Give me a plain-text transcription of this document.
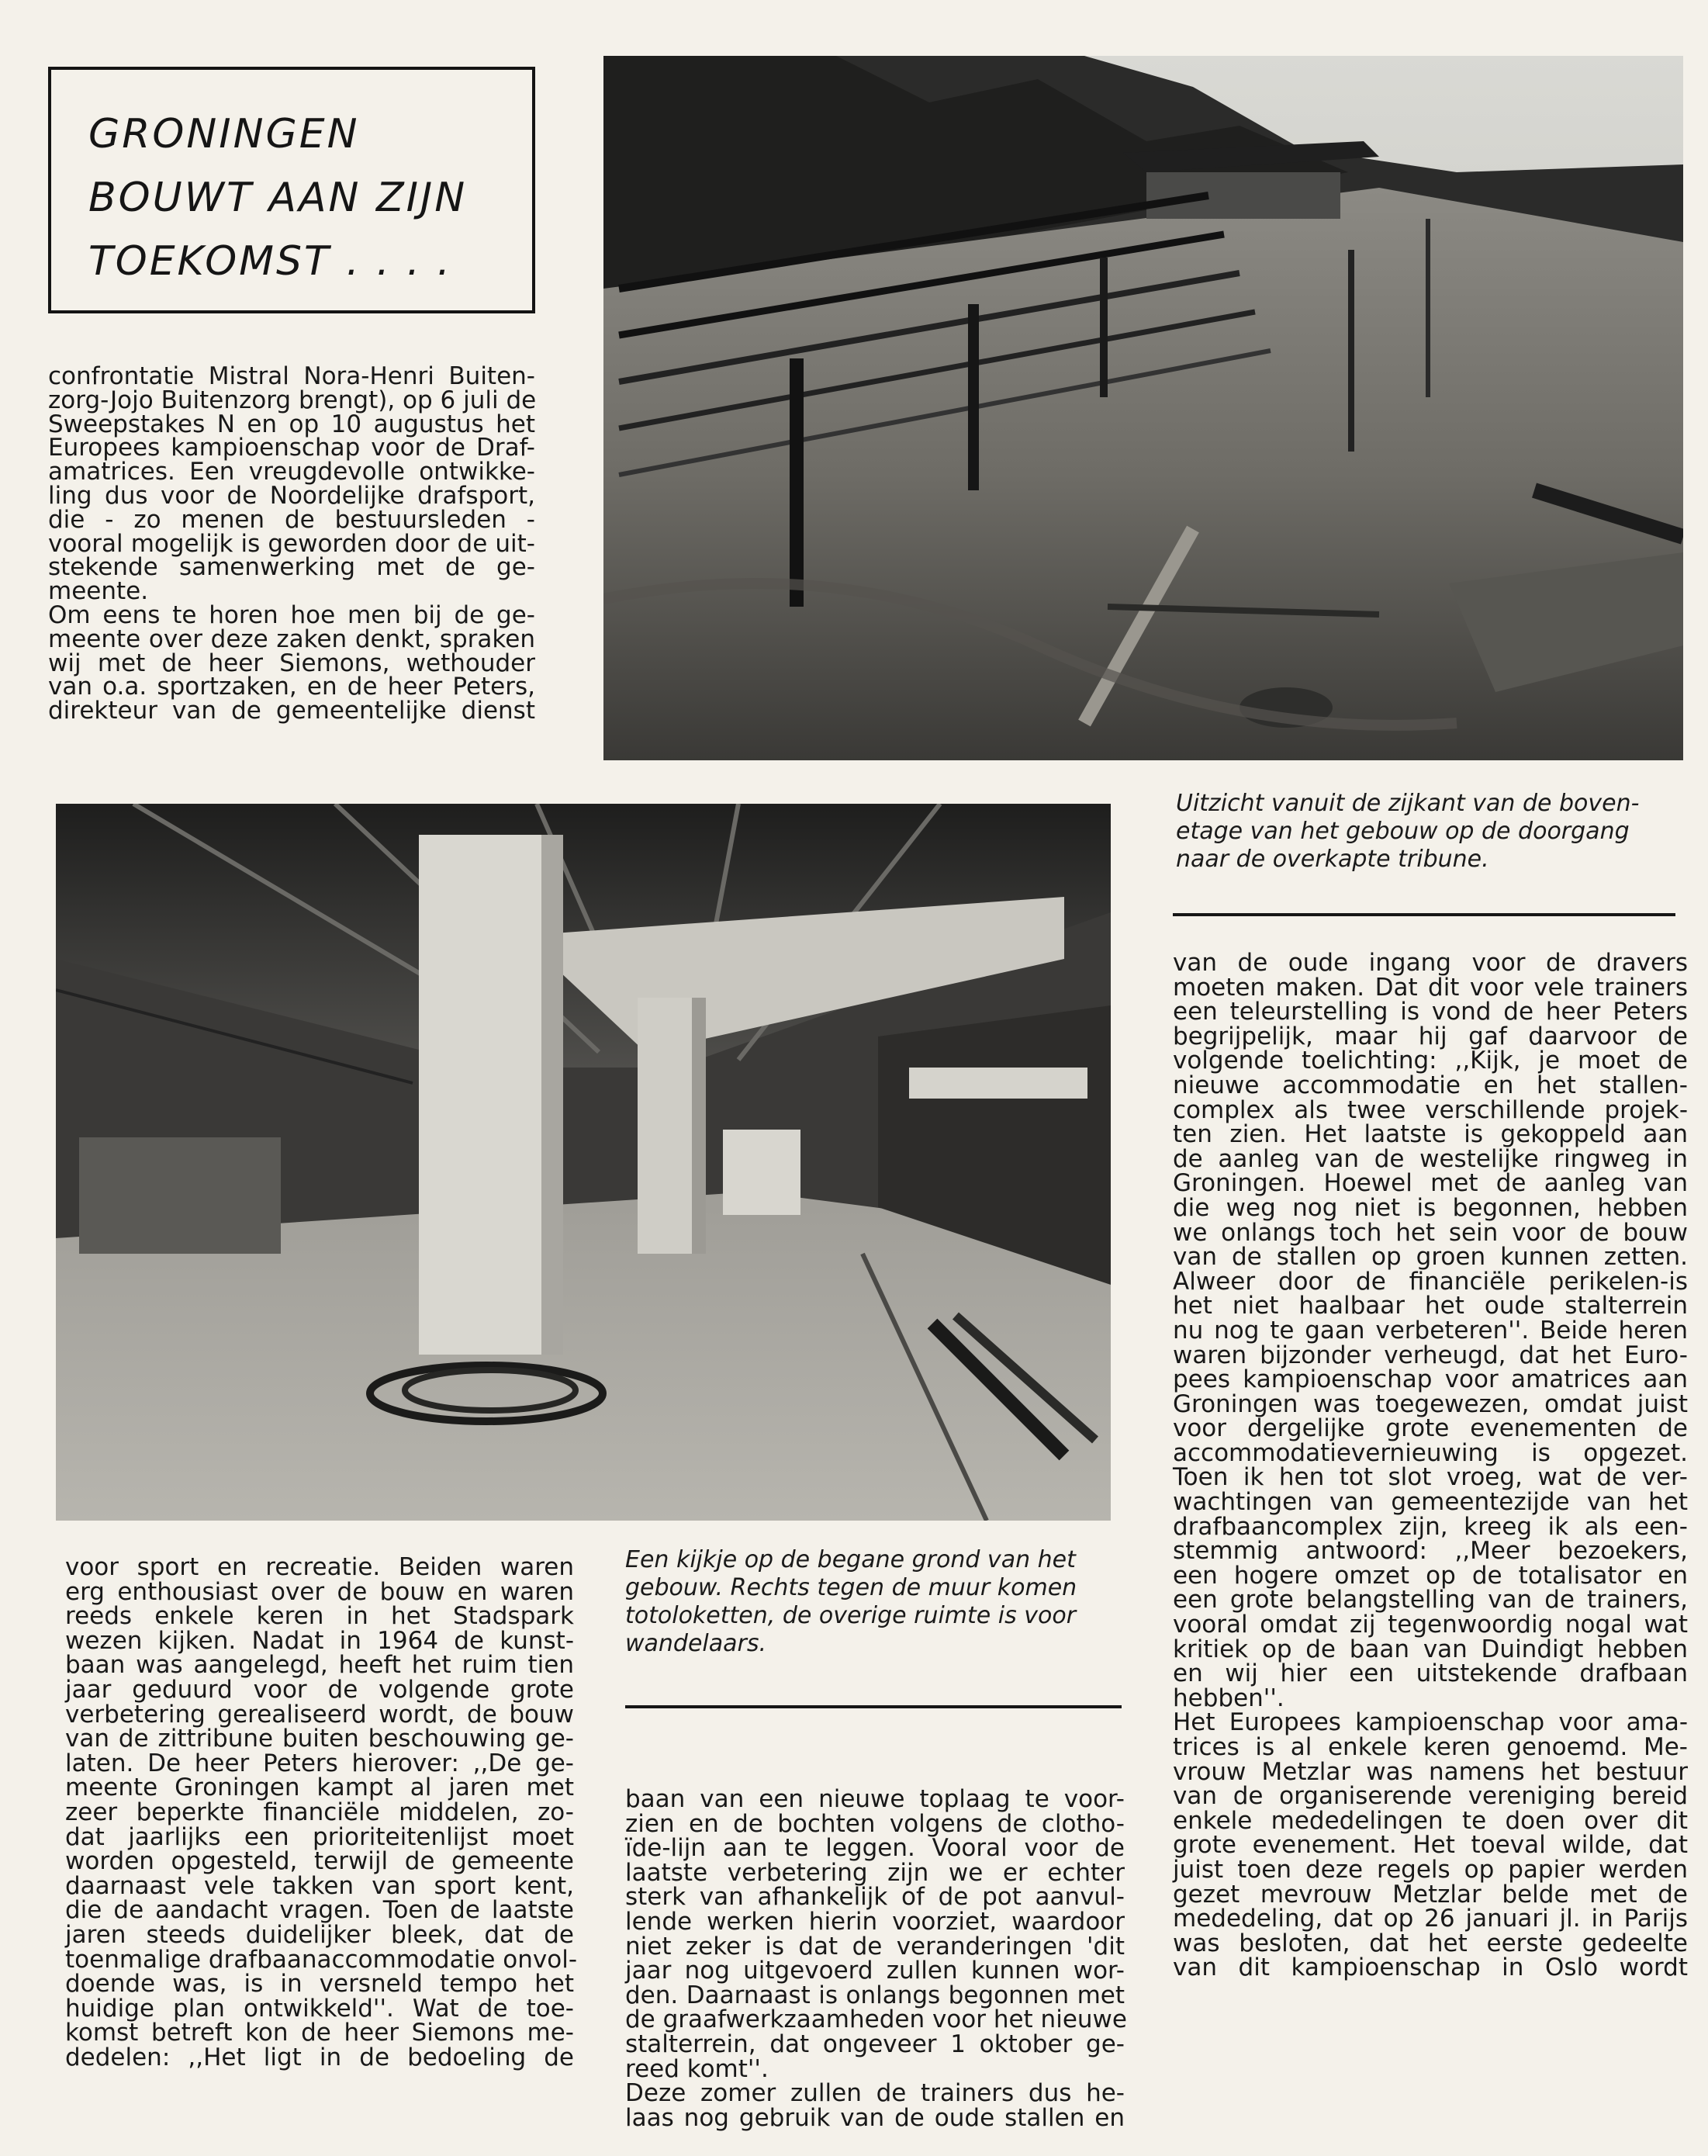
GRONINGEN
BOUWT AAN ZIJN
TOEKOMST . . . .

confrontatie Mistral Nora-Henri Buiten-

zorg-Jojo Buitenzorg brengt), op 6 juli de

Sweepstakes N en op 10 augustus het

Europees kampioenschap voor de Draf-

amatrices. Een vreugdevolle ontwikke-

ling dus voor de Noordelijke drafsport,

die - zo menen de bestuursleden -

vooral mogelijk is geworden door de uit-

stekende samenwerking met de ge-

meente.

Om eens te horen hoe men bij de ge-

meente over deze zaken denkt, spraken

wij met de heer Siemons, wethouder

van o.a. sportzaken, en de heer Peters,

direkteur van de gemeentelijke dienst

Uitzicht vanuit de zijkant van de boven-

etage van het gebouw op de doorgang

naar de overkapte tribune.

Een kijkje op de begane grond van het

gebouw. Rechts tegen de muur komen

totoloketten, de overige ruimte is voor

wandelaars.

voor sport en recreatie. Beiden waren

erg enthousiast over de bouw en waren

reeds enkele keren in het Stadspark

wezen kijken. Nadat in 1964 de kunst-

baan was aangelegd, heeft het ruim tien

jaar geduurd voor de volgende grote

verbetering gerealiseerd wordt, de bouw

van de zittribune buiten beschouwing ge-

laten. De heer Peters hierover: ,,De ge-

meente Groningen kampt al jaren met

zeer beperkte financiële middelen, zo-

dat jaarlijks een prioriteitenlijst moet

worden opgesteld, terwijl de gemeente

daarnaast vele takken van sport kent,

die de aandacht vragen. Toen de laatste

jaren steeds duidelijker bleek, dat de

toenmalige drafbaanaccommodatie onvol-

doende was, is in versneld tempo het

huidige plan ontwikkeld''. Wat de toe-

komst betreft kon de heer Siemons me-

dedelen: ,,Het ligt in de bedoeling de

baan van een nieuwe toplaag te voor-

zien en de bochten volgens de clotho-

ïde-lijn aan te leggen. Vooral voor de

laatste verbetering zijn we er echter

sterk van afhankelijk of de pot aanvul-

lende werken hierin voorziet, waardoor

niet zeker is dat de veranderingen 'dit

jaar nog uitgevoerd zullen kunnen wor-

den. Daarnaast is onlangs begonnen met

de graafwerkzaamheden voor het nieuwe

stalterrein, dat ongeveer 1 oktober ge-

reed komt''.

Deze zomer zullen de trainers dus he-

laas nog gebruik van de oude stallen en

van de oude ingang voor de dravers

moeten maken. Dat dit voor vele trainers

een teleurstelling is vond de heer Peters

begrijpelijk, maar hij gaf daarvoor de

volgende toelichting: ,,Kijk, je moet de

nieuwe accommodatie en het stallen-

complex als twee verschillende projek-

ten zien. Het laatste is gekoppeld aan

de aanleg van de westelijke ringweg in

Groningen. Hoewel met de aanleg van

die weg nog niet is begonnen, hebben

we onlangs toch het sein voor de bouw

van de stallen op groen kunnen zetten.

Alweer door de financiële perikelen-is

het niet haalbaar het oude stalterrein

nu nog te gaan verbeteren''. Beide heren

waren bijzonder verheugd, dat het Euro-

pees kampioenschap voor amatrices aan

Groningen was toegewezen, omdat juist

voor dergelijke grote evenementen de

accommodatievernieuwing is opgezet.

Toen ik hen tot slot vroeg, wat de ver-

wachtingen van gemeentezijde van het

drafbaancomplex zijn, kreeg ik als een-

stemmig antwoord: ,,Meer bezoekers,

een hogere omzet op de totalisator en

een grote belangstelling van de trainers,

vooral omdat zij tegenwoordig nogal wat

kritiek op de baan van Duindigt hebben

en wij hier een uitstekende drafbaan

hebben''.

Het Europees kampioenschap voor ama-

trices is al enkele keren genoemd. Me-

vrouw Metzlar was namens het bestuur

van de organiserende vereniging bereid

enkele mededelingen te doen over dit

grote evenement. Het toeval wilde, dat

juist toen deze regels op papier werden

gezet mevrouw Metzlar belde met de

mededeling, dat op 26 januari jl. in Parijs

was besloten, dat het eerste gedeelte

van dit kampioenschap in Oslo wordt
